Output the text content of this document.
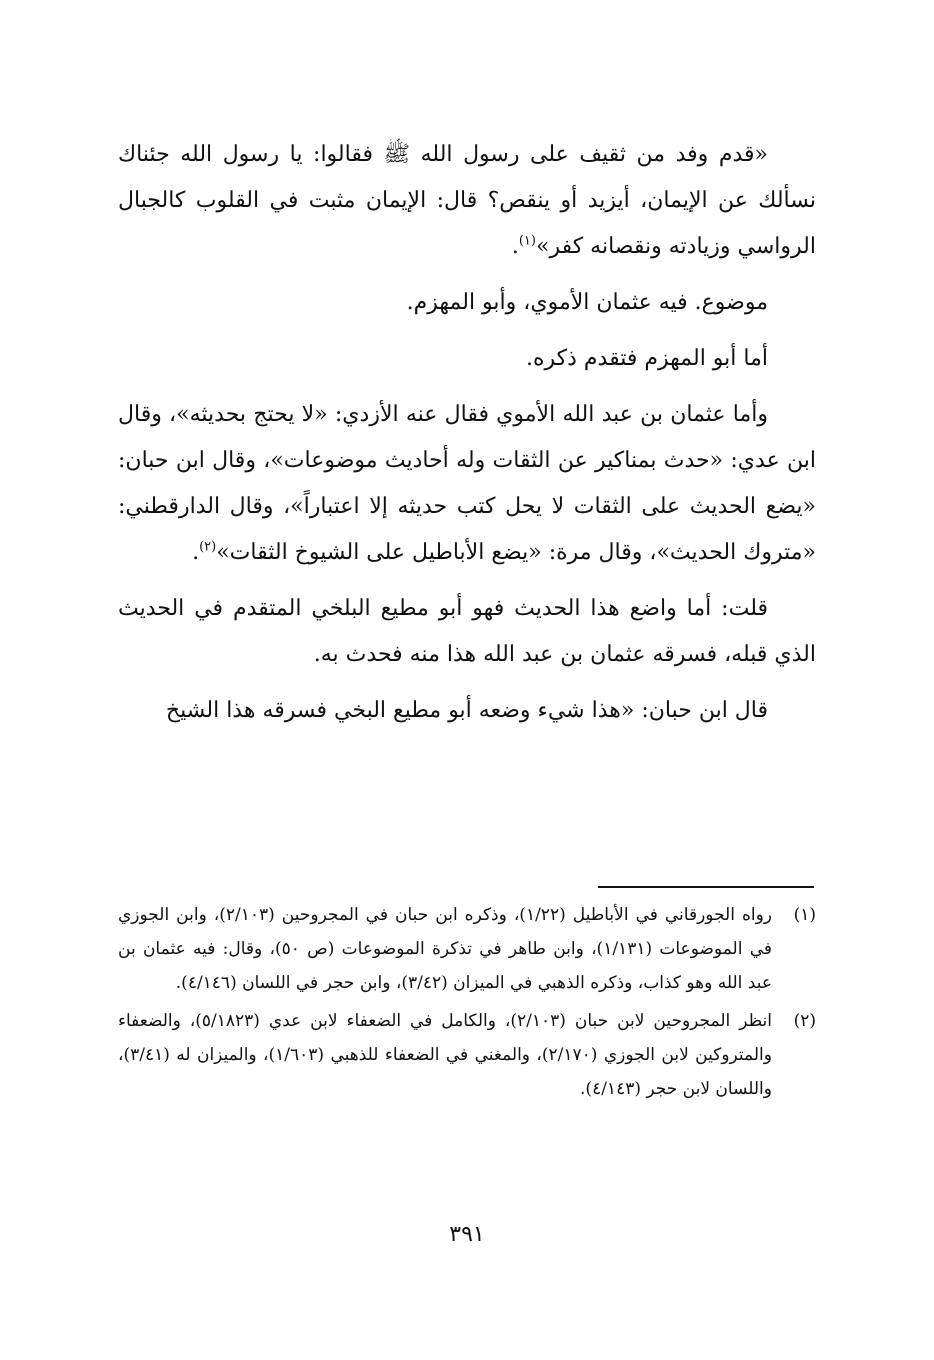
«قدم وفد من ثقيف على رسول الله ﷺ فقالوا: يا رسول الله جئناك نسألك عن الإيمان، أيزيد أو ينقص؟ قال: الإيمان مثبت في القلوب كالجبال الرواسي وزيادته ونقصانه كفر»$^{(١)}$.

موضوع. فيه عثمان الأموي، وأبو المهزم.

أما أبو المهزم فتقدم ذكره.

وأما عثمان بن عبد الله الأموي فقال عنه الأزدي: «لا يحتج بحديثه»، وقال ابن عدي: «حدث بمناكير عن الثقات وله أحاديث موضوعات»، وقال ابن حبان: «يضع الحديث على الثقات لا يحل كتب حديثه إلا اعتباراً»، وقال الدارقطني: «متروك الحديث»، وقال مرة: «يضع الأباطيل على الشيوخ الثقات»$^{(٢)}$.

قلت: أما واضع هذا الحديث فهو أبو مطيع البلخي المتقدم في الحديث الذي قبله، فسرقه عثمان بن عبد الله هذا منه فحدث به.

قال ابن حبان: «هذا شيء وضعه أبو مطيع البخي فسرقه هذا الشيخ

(١)
رواه الجورقاني في الأباطيل (١/٢٢)، وذكره ابن حبان في المجروحين (٢/١٠٣)، وابن الجوزي في الموضوعات (١/١٣١)، وابن طاهر في تذكرة الموضوعات (ص ٥٠)، وقال: فيه عثمان بن عبد الله وهو كذاب، وذكره الذهبي في الميزان (٣/٤٢)، وابن حجر في اللسان (٤/١٤٦).
(٢)
انظر المجروحين لابن حبان (٢/١٠٣)، والكامل في الضعفاء لابن عدي (٥/١٨٢٣)، والضعفاء والمتروكين لابن الجوزي (٢/١٧٠)، والمغني في الضعفاء للذهبي (١/٦٠٣)، والميزان له (٣/٤١)، واللسان لابن حجر (٤/١٤٣).
٣٩١
